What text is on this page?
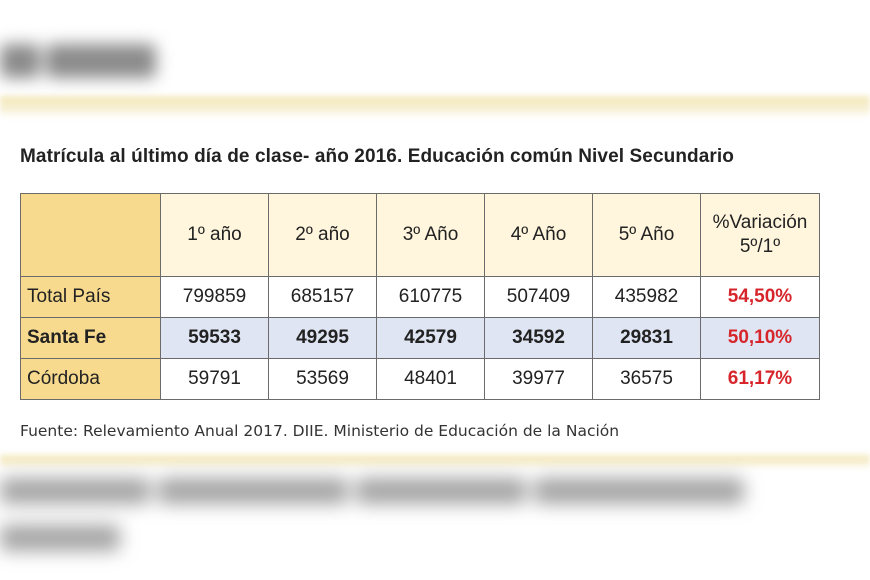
Matrícula al último día de clase- año 2016. Educación común Nivel Secundario
	1º año	2º año	3º Año	4º Año	5º Año	%Variación
5º/1º

Total País	799859	685157	610775	507409	435982	54,50%
Santa Fe	59533	49295	42579	34592	29831	50,10%
Córdoba	59791	53569	48401	39977	36575	61,17%
Fuente: Relevamiento Anual 2017. DIIE. Ministerio de Educación de la Nación
